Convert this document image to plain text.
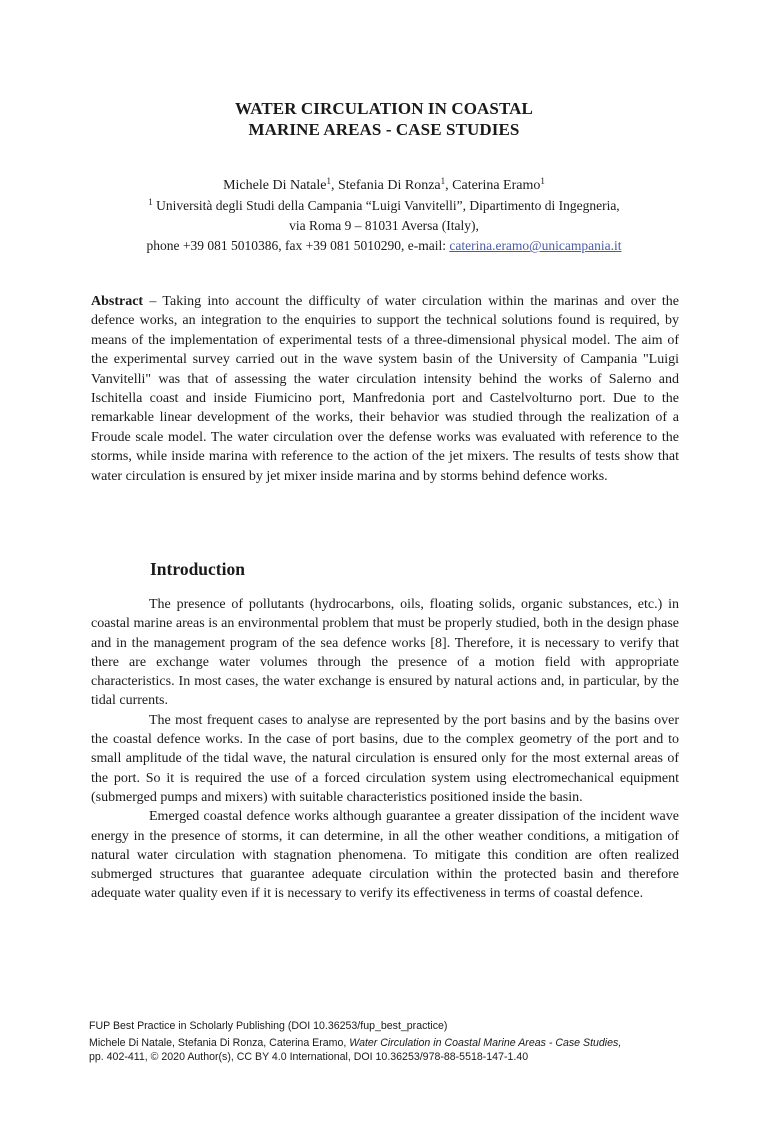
WATER CIRCULATION IN COASTAL
MARINE AREAS - CASE STUDIES
Michele Di Natale$^1$, Stefania Di Ronza$^1$, Caterina Eramo$^1$
$^1$ Università degli Studi della Campania “Luigi Vanvitelli”, Dipartimento di Ingegneria,
via Roma 9 – 81031 Aversa (Italy),
phone +39 081 5010386, fax +39 081 5010290, e-mail: caterina.eramo@unicampania.it
Abstract – Taking into account the difficulty of water circulation within the marinas and over the defence works, an integration to the enquiries to support the technical solutions found is required, by means of the implementation of experimental tests of a three-dimensional physical model. The aim of the experimental survey carried out in the wave system basin of the University of Campania "Luigi Vanvitelli" was that of assessing the water circulation intensity behind the works of Salerno and Ischitella coast and inside Fiumicino port, Manfredonia port and Castelvolturno port. Due to the remarkable linear development of the works, their behavior was studied through the realization of a Froude scale model. The water circulation over the defense works was evaluated with reference to the storms, while inside marina with reference to the action of the jet mixers. The results of tests show that water circulation is ensured by jet mixer inside marina and by storms behind defence works.
Introduction

The presence of pollutants (hydrocarbons, oils, floating solids, organic substances, etc.) in coastal marine areas is an environmental problem that must be properly studied, both in the design phase and in the management program of the sea defence works [8]. Therefore, it is necessary to verify that there are exchange water volumes through the presence of a motion field with appropriate characteristics. In most cases, the water exchange is ensured by natural actions and, in particular, by the tidal currents.

The most frequent cases to analyse are represented by the port basins and by the basins over the coastal defence works. In the case of port basins, due to the complex geometry of the port and to small amplitude of the tidal wave, the natural circulation is ensured only for the most external areas of the port. So it is required the use of a forced circulation system using electromechanical equipment (submerged pumps and mixers) with suitable characteristics positioned inside the basin.

Emerged coastal defence works although guarantee a greater dissipation of the incident wave energy in the presence of storms, it can determine, in all the other weather conditions, a mitigation of natural water circulation with stagnation phenomena. To mitigate this condition are often realized submerged structures that guarantee adequate circulation within the protected basin and therefore adequate water quality even if it is necessary to verify its effectiveness in terms of coastal defence.

FUP Best Practice in Scholarly Publishing (DOI 10.36253/fup_best_practice)
Michele Di Natale, Stefania Di Ronza, Caterina Eramo, Water Circulation in Coastal Marine Areas - Case Studies,
pp. 402-411, © 2020 Author(s), CC BY 4.0 International, DOI 10.36253/978-88-5518-147-1.40
